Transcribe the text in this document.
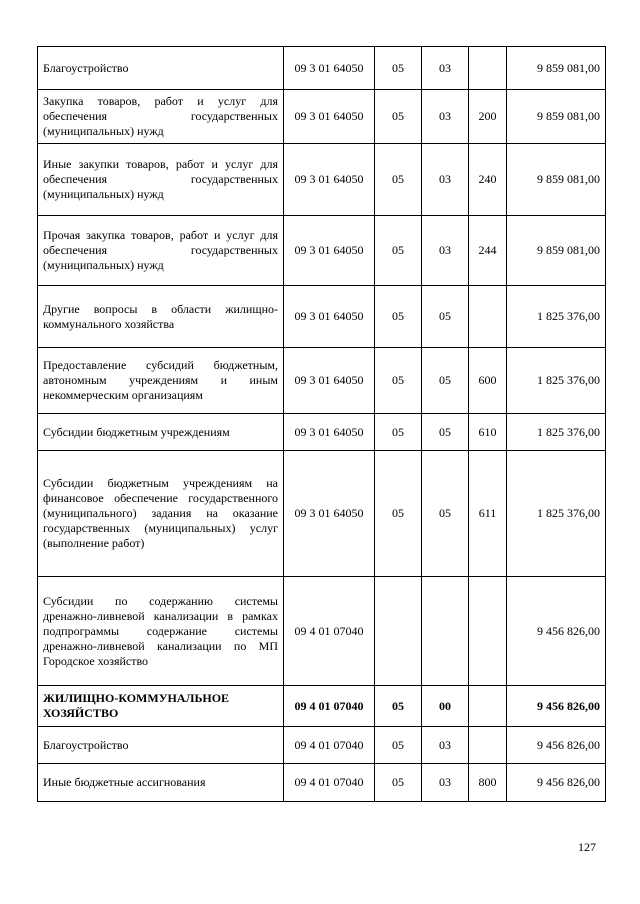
Благоустройство	09 3 01 64050	05	03		9 859 081,00
Закупка товаров, работ и услуг для обеспечения государственных (муниципальных) нужд	09 3 01 64050	05	03	200	9 859 081,00
Иные закупки товаров, работ и услуг для обеспечения государственных (муниципальных) нужд	09 3 01 64050	05	03	240	9 859 081,00
Прочая закупка товаров, работ и услуг для обеспечения государственных (муниципальных) нужд	09 3 01 64050	05	03	244	9 859 081,00
Другие вопросы в области жилищно-коммунального хозяйства	09 3 01 64050	05	05		1 825 376,00
Предоставление субсидий бюджетным, автономным учреждениям и иным некоммерческим организациям	09 3 01 64050	05	05	600	1 825 376,00
Субсидии бюджетным учреждениям	09 3 01 64050	05	05	610	1 825 376,00
Субсидии бюджетным учреждениям на финансовое обеспечение государственного (муниципального) задания на оказание государственных (муниципальных) услуг (выполнение работ)	09 3 01 64050	05	05	611	1 825 376,00
Субсидии по содержанию системы дренажно-ливневой канализации в рамках подпрограммы содержание системы дренажно-ливневой канализации по МП Городское хозяйство	09 4 01 07040				9 456 826,00
ЖИЛИЩНО-КОММУНАЛЬНОЕ ХОЗЯЙСТВО	09 4 01 07040	05	00		9 456 826,00
Благоустройство	09 4 01 07040	05	03		9 456 826,00
Иные бюджетные ассигнования	09 4 01 07040	05	03	800	9 456 826,00
127
